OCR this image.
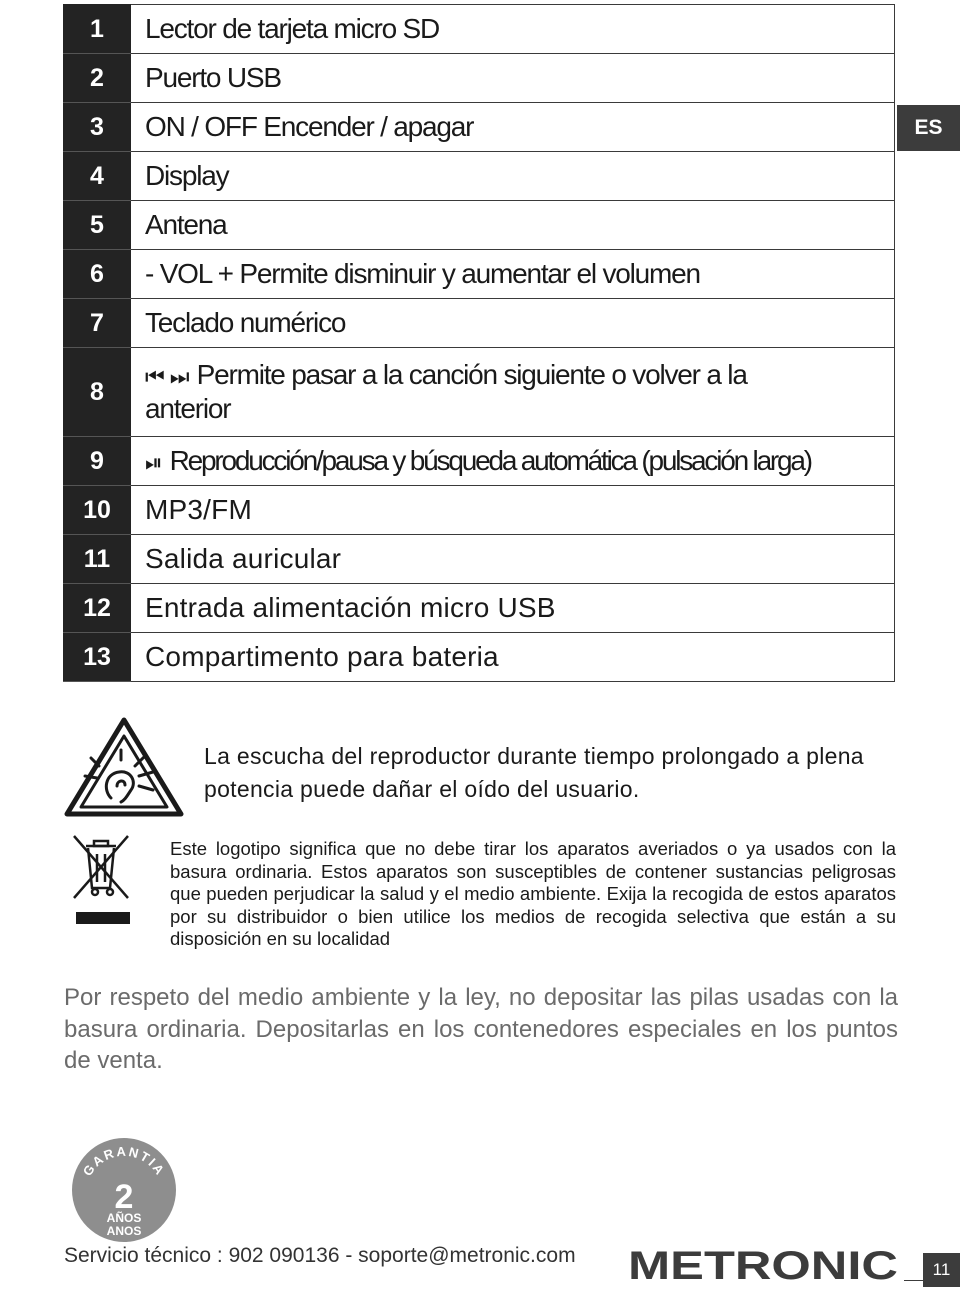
1	Lector de tarjeta micro SD
2	Puerto USB
3	ON / OFF Encender / apagar
4	Display
5	Antena
6	- VOL + Permite disminuir y aumentar el volumen
7	Teclado numérico
8	⏮ ⏭ Permite pasar a la canción siguiente o volver a la
anterior

9	⏯ Reproducción/pausa y búsqueda automática (pulsación larga)
10	MP3/FM
11	Salida auricular
12	Entrada alimentación micro USB
13	Compartimento para bateria
ES
La escucha del reproductor durante tiempo prolongado a plena potencia puede dañar el oído del usuario.
Este logotipo significa que no debe tirar los aparatos averiados o ya usados con la basura ordinaria. Estos aparatos son susceptibles de contener sustancias peligrosas que pueden perjudicar la salud y el medio ambiente. Exija la recogida de estos aparatos por su distribuidor o bien utilice los medios de recogida selectiva que están a su disposición en su localidad
Por respeto del medio ambiente y la ley, no depositar las pilas usadas con la basura ordinaria. Depositarlas en los contenedores especiales en los puntos de venta.
GARANTIA
2
AÑOS
ANOS
Servicio técnico : 902 090136 - soporte@metronic.com METRONIC	11
